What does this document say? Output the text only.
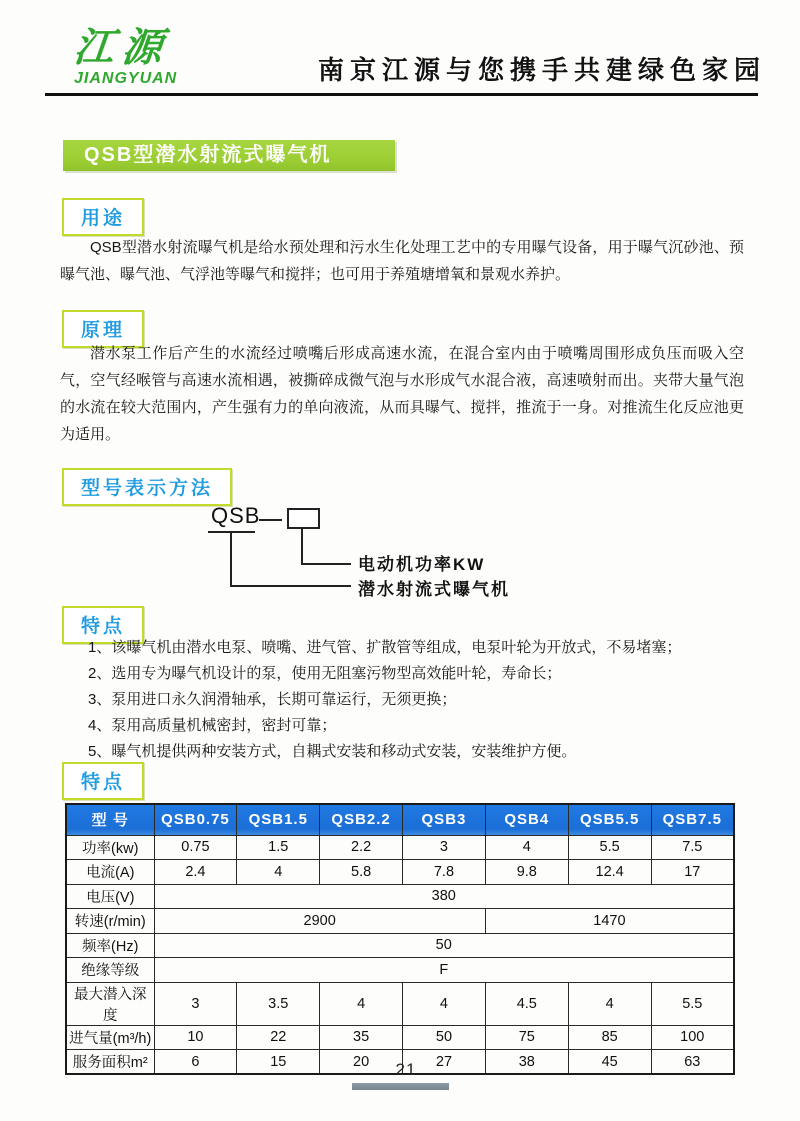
江源
JIANGYUAN	南京江源与您携手共建绿色家园
QSB型潜水射流式曝气机
用途
QSB型潜水射流曝气机是给水预处理和污水生化处理工艺中的专用曝气设备，用于曝气沉砂池、预曝气池、曝气池、气浮池等曝气和搅拌；也可用于养殖塘增氧和景观水养护。
原理
潜水泵工作后产生的水流经过喷嘴后形成高速水流，在混合室内由于喷嘴周围形成负压而吸入空气，空气经喉管与高速水流相遇，被撕碎成微气泡与水形成气水混合液，高速喷射而出。夹带大量气泡的水流在较大范围内，产生强有力的单向液流，从而具曝气、搅拌，推流于一身。对推流生化反应池更为适用。
型号表示方法
QSB
电动机功率KW
潜水射流式曝气机
特点
1、该曝气机由潜水电泵、喷嘴、进气管、扩散管等组成，电泵叶轮为开放式，不易堵塞；
2、选用专为曝气机设计的泵，使用无阻塞污物型高效能叶轮，寿命长；
3、泵用进口永久润滑轴承，长期可靠运行，无须更换；
4、泵用高质量机械密封，密封可靠；
5、曝气机提供两种安装方式，自耦式安装和移动式安装，安装维护方便。
特点
型 号	QSB0.75	QSB1.5	QSB2.2	QSB3	QSB4	QSB5.5	QSB7.5
功率(kw)	0.75	1.5	2.2	3	4	5.5	7.5
电流(A)	2.4	4	5.8	7.8	9.8	12.4	17
电压(V)	380						
转速(r/min)	2900				1470		
频率(Hz)	50						
绝缘等级	F						
最大潜入深度	3	3.5	4	4	4.5	4	5.5
进气量(m³/h)	10	22	35	50	75	85	100
服务面积m²	6	15	20	27	38	45	63
21
